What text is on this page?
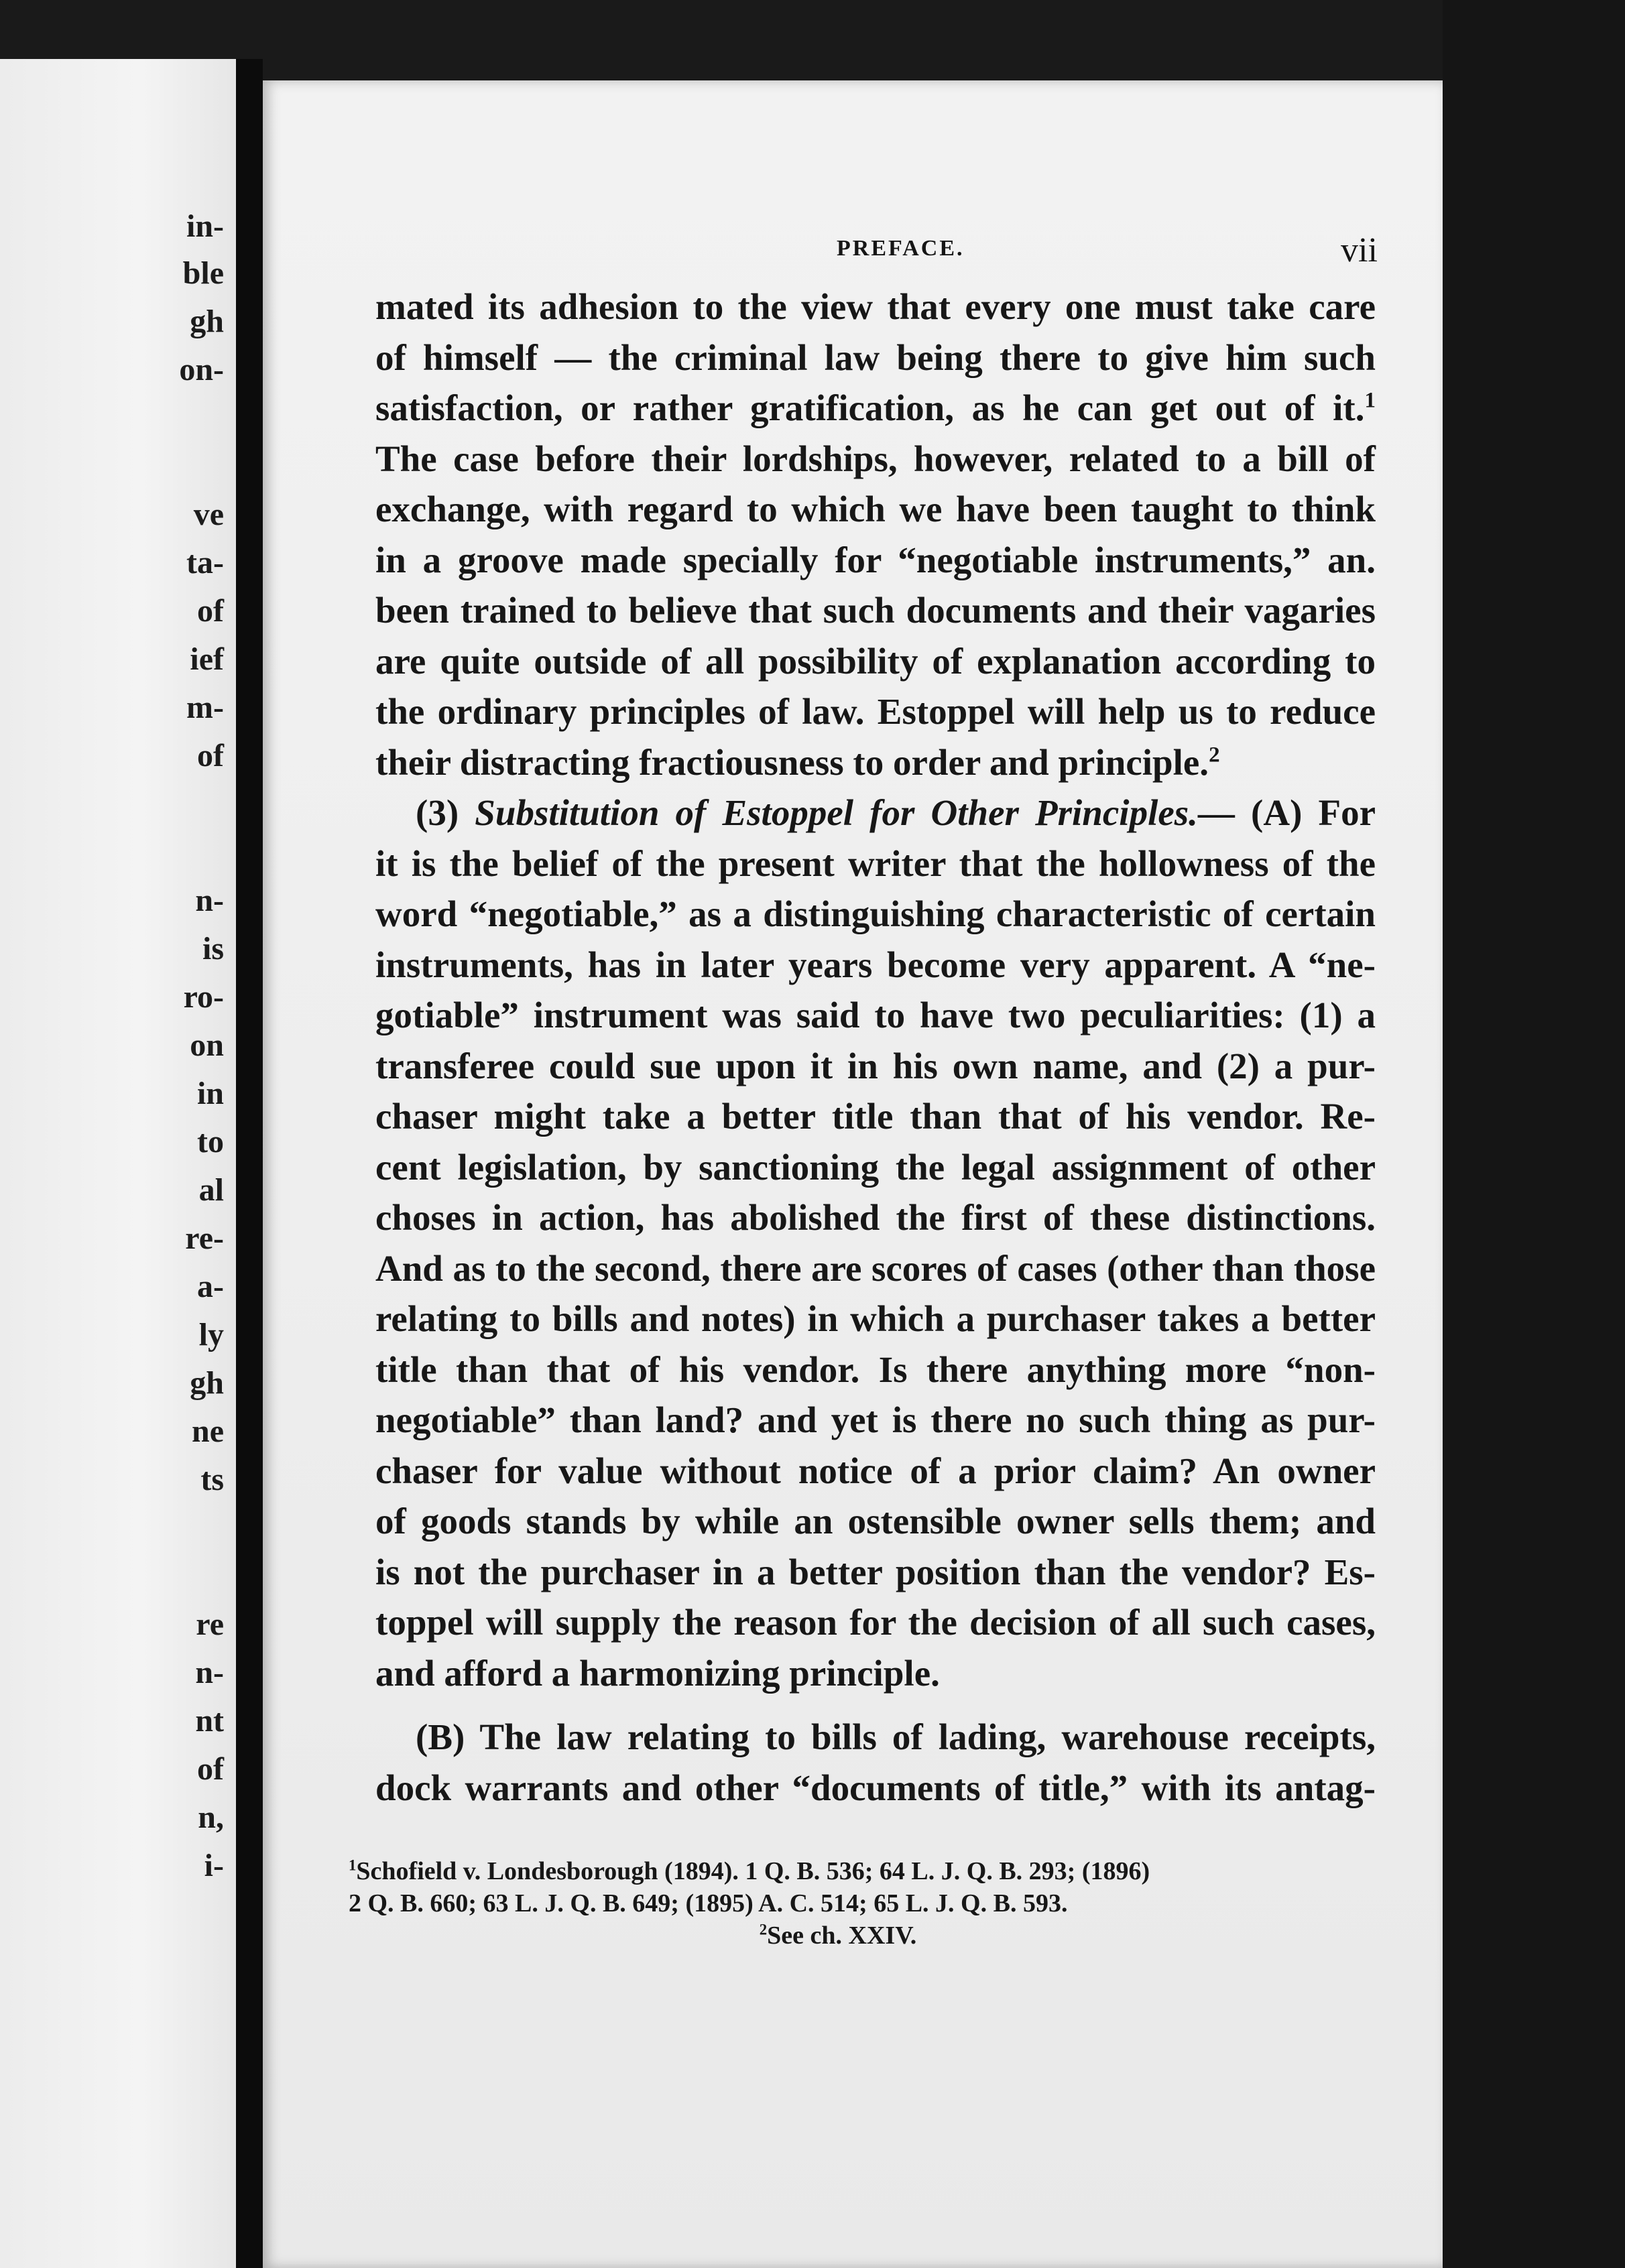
in-
ble
gh
on-
ve
ta-
of
ief
m-
of
n-
is
ro-
on
in
to
al
re-
a-
ly
gh
ne
ts
re
n-
nt
of
n,
i-
PREFACE.	vii

mated its adhesion to the view that every one must take care
of himself — the criminal law being there to give him such
satisfaction, or rather gratification, as he can get out of it.$^1$
The case before their lordships, however, related to a bill of
exchange, with regard to which we have been taught to think
in a groove made specially for “negotiable instruments,” an.
been trained to believe that such documents and their vagaries
are quite outside of all possibility of explanation according to
the ordinary principles of law. Estoppel will help us to reduce
their distracting fractiousness to order and principle.$^2$

(3) Substitution of Estoppel for Other Principles.— (A) For
it is the belief of the present writer that the hollowness of the
word “negotiable,” as a distinguishing characteristic of certain
instruments, has in later years become very apparent. A “ne-
gotiable” instrument was said to have two peculiarities: (1) a
transferee could sue upon it in his own name, and (2) a pur-
chaser might take a better title than that of his vendor. Re-
cent legislation, by sanctioning the legal assignment of other
choses in action, has abolished the first of these distinctions.
And as to the second, there are scores of cases (other than those
relating to bills and notes) in which a purchaser takes a better
title than that of his vendor. Is there anything more “non-
negotiable” than land? and yet is there no such thing as pur-
chaser for value without notice of a prior claim? An owner
of goods stands by while an ostensible owner sells them; and
is not the purchaser in a better position than the vendor? Es-
toppel will supply the reason for the decision of all such cases,
and afford a harmonizing principle.

(B) The law relating to bills of lading, warehouse receipts,
dock warrants and other “documents of title,” with its antag-

$^1$Schofield v. Londesborough (1894). 1 Q. B. 536; 64 L. J. Q. B. 293; (1896)
2 Q. B. 660; 63 L. J. Q. B. 649; (1895) A. C. 514; 65 L. J. Q. B. 593.
$^2$See ch. XXIV.
